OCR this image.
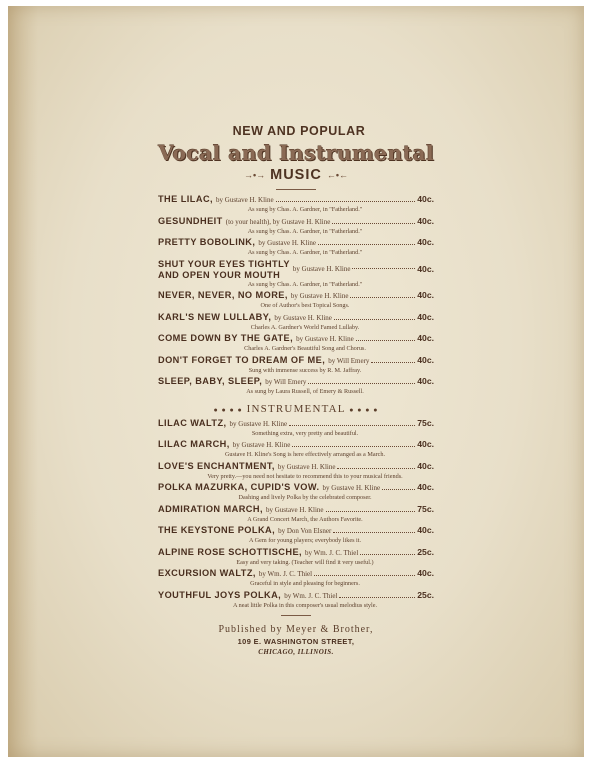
NEW AND POPULAR
Vocal and Instrumental
→•→ MUSIC ←•←
THE LILAC, by Gustave H. Kline	40c.
As sung by Chas. A. Gardner, in "Fatherland."
GESUNDHEIT (to your health), by Gustave H. Kline	40c.
As sung by Chas. A. Gardner, in "Fatherland."
PRETTY BOBOLINK, by Gustave H. Kline	40c.
As sung by Chas. A. Gardner, in "Fatherland."
SHUT YOUR EYES TIGHTLY
AND OPEN YOUR MOUTH
by Gustave H. Kline	40c.
As sung by Chas. A. Gardner, in "Fatherland."
NEVER, NEVER, NO MORE, by Gustave H. Kline	40c.
One of Author's best Topical Songs.
KARL'S NEW LULLABY, by Gustave H. Kline	40c.
Charles A. Gardner's World Famed Lullaby.
COME DOWN BY THE GATE, by Gustave H. Kline	40c.
Charles A. Gardner's Beautiful Song and Chorus.
DON'T FORGET TO DREAM OF ME, by Will Emery	40c.
Sung with immense success by R. M. Jaffray.
SLEEP, BABY, SLEEP, by Will Emery	40c.
As sung by Laura Russell, of Emery & Russell.
● ● ● ● INSTRUMENTAL ● ● ● ●
LILAC WALTZ, by Gustave H. Kline	75c.
Something extra, very pretty and beautiful.
LILAC MARCH, by Gustave H. Kline	40c.
Gustave H. Kline's Song is here effectively arranged as a March.
LOVE'S ENCHANTMENT, by Gustave H. Kline	40c.
Very pretty.—you need not hesitate to recommend this to your musical friends.
POLKA MAZURKA, CUPID'S VOW. by Gustave H. Kline	40c.
Dashing and lively Polka by the celebrated composer.
ADMIRATION MARCH, by Gustave H. Kline	75c.
A Grand Concert March, the Authors Favorite.
THE KEYSTONE POLKA, by Don Von Elsner	40c.
A Gem for young players; everybody likes it.
ALPINE ROSE SCHOTTISCHE, by Wm. J. C. Thiel	25c.
Easy and very taking. (Teacher will find it very useful.)
EXCURSION WALTZ, by Wm. J. C. Thiel	40c.
Graceful in style and pleasing for beginners.
YOUTHFUL JOYS POLKA, by Wm. J. C. Thiel	25c.
A neat little Polka in this composer's usual melodius style.
Published by Meyer & Brother,
109 E. WASHINGTON STREET,
CHICAGO, ILLINOIS.
